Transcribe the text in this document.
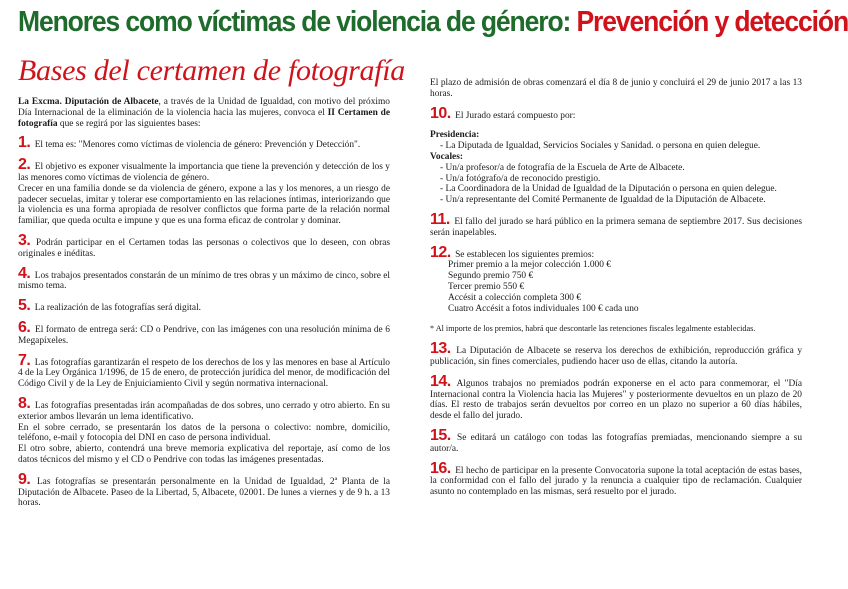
Menores como víctimas de violencia de género: Prevención y detección
Bases del certamen de fotografía

La Excma. Diputación de Albacete, a través de la Unidad de Igualdad, con motivo del próximo Día Internacional de la eliminación de la violencia hacia las mujeres, convoca el II Certamen de fotografía que se regirá por las siguientes bases:

1. El tema es: "Menores como víctimas de violencia de género: Prevención y Detección".
2. El objetivo es exponer visualmente la importancia que tiene la prevención y detección de los y las menores como víctimas de violencia de género.
Crecer en una familia donde se da violencia de género, expone a las y los menores, a un riesgo de padecer secuelas, imitar y tolerar ese comportamiento en las relaciones íntimas, interiorizando que la violencia es una forma apropiada de resolver conflictos que forma parte de la relación normal familiar, que queda oculta e impune y que es una forma eficaz de controlar y dominar.
3. Podrán participar en el Certamen todas las personas o colectivos que lo deseen, con obras originales e inéditas.
4. Los trabajos presentados constarán de un mínimo de tres obras y un máximo de cinco, sobre el mismo tema.
5. La realización de las fotografías será digital.
6. El formato de entrega será: CD o Pendrive, con las imágenes con una resolución mínima de 6 Megapíxeles.
7. Las fotografías garantizarán el respeto de los derechos de los y las menores en base al Artículo 4 de la Ley Orgánica 1/1996, de 15 de enero, de protección jurídica del menor, de modificación del Código Civil y de la Ley de Enjuiciamiento Civil y según normativa internacional.
8. Las fotografías presentadas irán acompañadas de dos sobres, uno cerrado y otro abierto. En su exterior ambos llevarán un lema identificativo.
En el sobre cerrado, se presentarán los datos de la persona o colectivo: nombre, domicilio, teléfono, e-mail y fotocopia del DNI en caso de persona individual.
El otro sobre, abierto, contendrá una breve memoria explicativa del reportaje, así como de los datos técnicos del mismo y el CD o Pendrive con todas las imágenes presentadas.
9. Las fotografías se presentarán personalmente en la Unidad de Igualdad, 2ª Planta de la Diputación de Albacete. Paseo de la Libertad, 5, Albacete, 02001. De lunes a viernes y de 9 h. a 13 horas.

El plazo de admisión de obras comenzará el día 8 de junio y concluirá el 29 de junio 2017 a las 13 horas.

10. El Jurado estará compuesto por:

Presidencia:

- La Diputada de Igualdad, Servicios Sociales y Sanidad. o persona en quien delegue.

Vocales:

- Un/a profesor/a de fotografía de la Escuela de Arte de Albacete.

- Un/a fotógrafo/a de reconocido prestigio.

- La Coordinadora de la Unidad de Igualdad de la Diputación o persona en quien delegue.

- Un/a representante del Comité Permanente de Igualdad de la Diputación de Albacete.

11. El fallo del jurado se hará público en la primera semana de septiembre 2017. Sus decisiones serán inapelables.
12. Se establecen los siguientes premios:

Primer premio a la mejor colección 1.000 €

Segundo premio 750 €

Tercer premio 550 €

Accésit a colección completa 300 €

Cuatro Accésit a fotos individuales 100 € cada uno

* Al importe de los premios, habrá que descontarle las retenciones fiscales legalmente establecidas.

13. La Diputación de Albacete se reserva los derechos de exhibición, reproducción gráfica y publicación, sin fines comerciales, pudiendo hacer uso de ellas, citando la autoría.
14. Algunos trabajos no premiados podrán exponerse en el acto para conmemorar, el "Día Internacional contra la Violencia hacia las Mujeres" y posteriormente devueltos en un plazo de 20 días. El resto de trabajos serán devueltos por correo en un plazo no superior a 60 días hábiles, desde el fallo del jurado.
15. Se editará un catálogo con todas las fotografías premiadas, mencionando siempre a su autor/a.
16. El hecho de participar en la presente Convocatoria supone la total aceptación de estas bases, la conformidad con el fallo del jurado y la renuncia a cualquier tipo de reclamación. Cualquier asunto no contemplado en las mismas, será resuelto por el jurado.
